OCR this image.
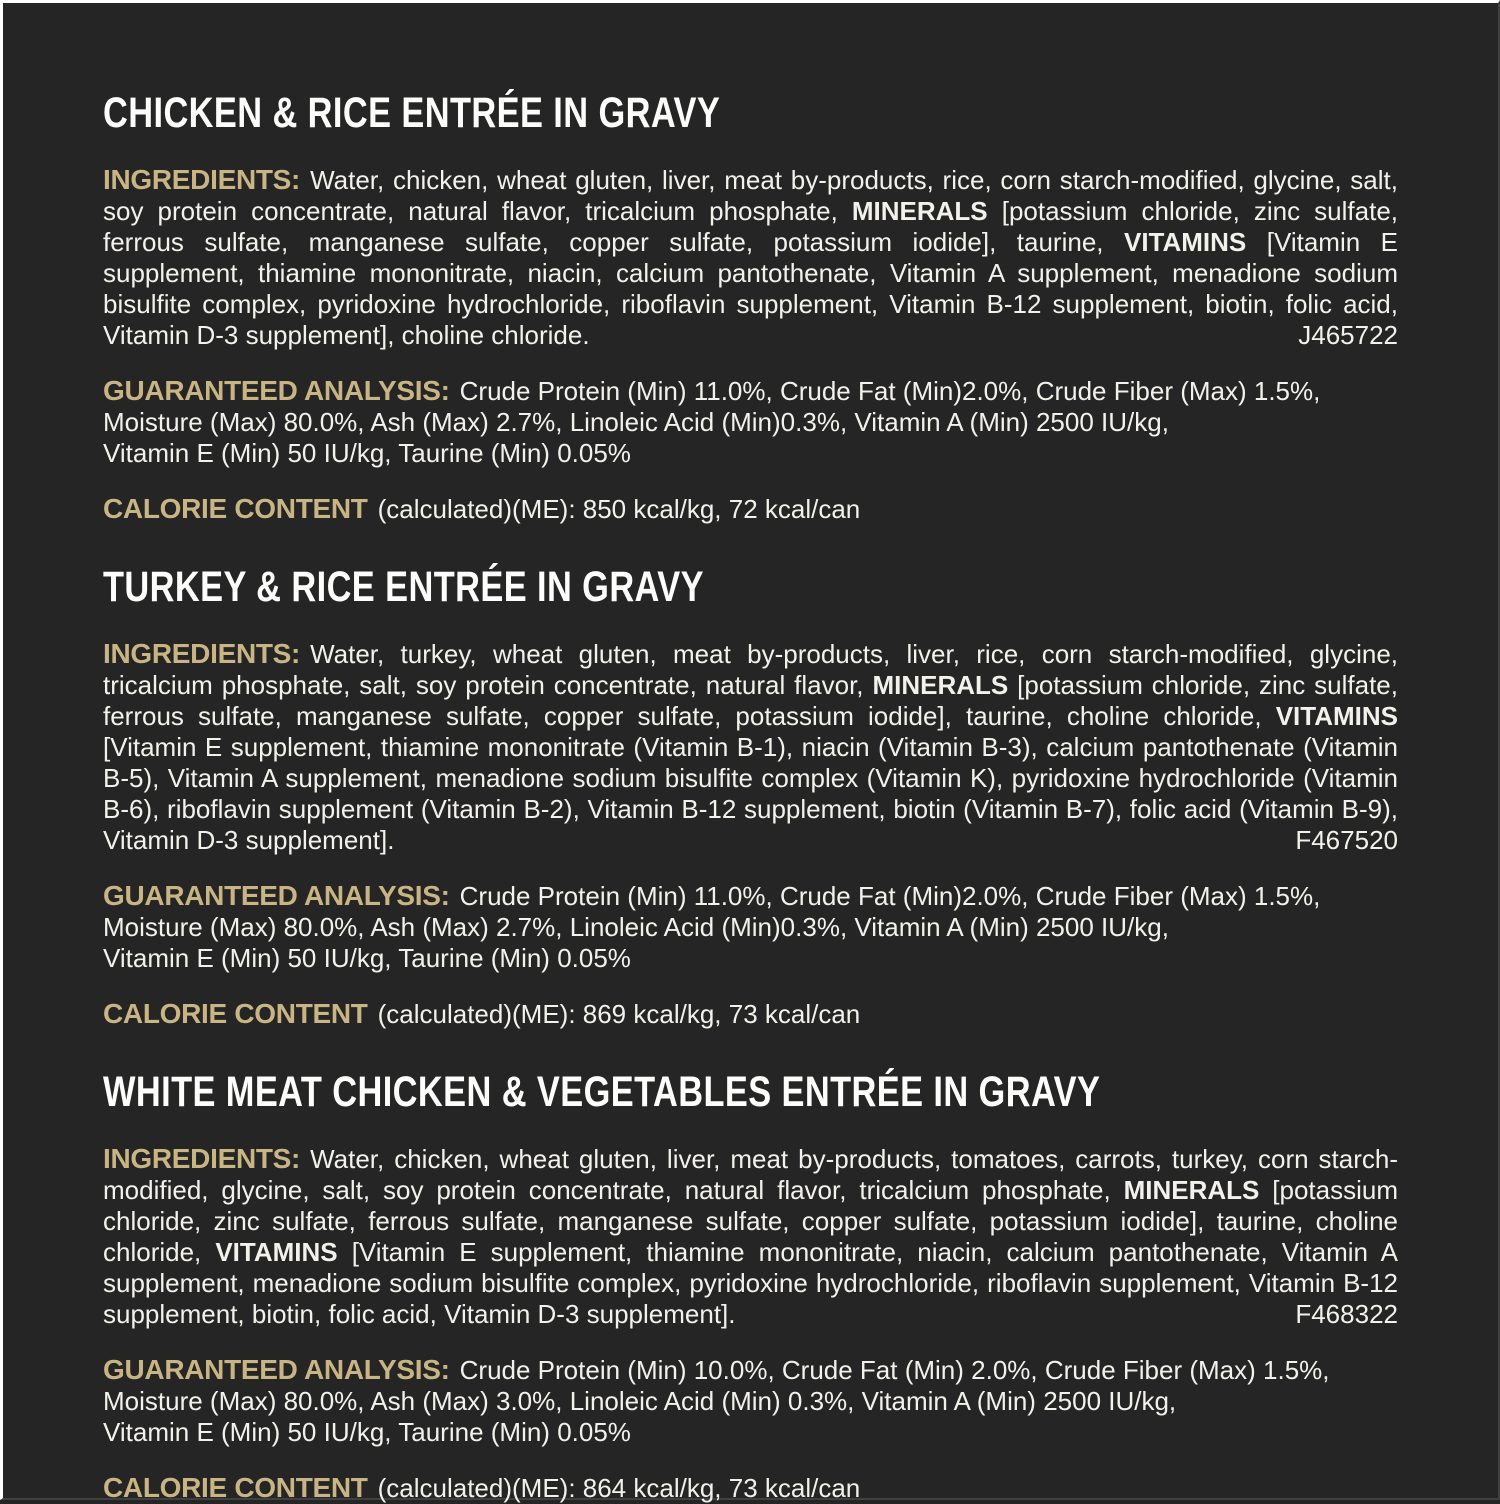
CHICKEN & RICE ENTRÉE IN GRAVY

INGREDIENTS: Water, chicken, wheat gluten, liver, meat by-products, rice, corn starch-modified, glycine, salt, soy protein concentrate, natural flavor, tricalcium phosphate, MINERALS [potassium chloride, zinc sulfate, ferrous sulfate, manganese sulfate, copper sulfate, potassium iodide], taurine, VITAMINS [Vitamin E supplement, thiamine mononitrate, niacin, calcium pantothenate, Vitamin A supplement, menadione sodium bisulfite complex, pyridoxine hydrochloride, riboflavin supplement, Vitamin B-12 supplement, biotin, folic acid, Vitamin D-3 supplement], choline chloride.	J465722

GUARANTEED ANALYSIS: Crude Protein (Min) 11.0%, Crude Fat (Min)2.0%, Crude Fiber (Max) 1.5%,
Moisture (Max) 80.0%, Ash (Max) 2.7%, Linoleic Acid (Min)0.3%, Vitamin A (Min) 2500 IU/kg,
Vitamin E (Min) 50 IU/kg, Taurine (Min) 0.05%

CALORIE CONTENT (calculated)(ME): 850 kcal/kg, 72 kcal/can

TURKEY & RICE ENTRÉE IN GRAVY

INGREDIENTS: Water, turkey, wheat gluten, meat by-products, liver, rice, corn starch-modified, glycine, tricalcium phosphate, salt, soy protein concentrate, natural flavor, MINERALS [potassium chloride, zinc sulfate, ferrous sulfate, manganese sulfate, copper sulfate, potassium iodide], taurine, choline chloride, VITAMINS [Vitamin E supplement, thiamine mononitrate (Vitamin B-1), niacin (Vitamin B-3), calcium pantothenate (Vitamin B-5), Vitamin A supplement, menadione sodium bisulfite complex (Vitamin K), pyridoxine hydrochloride (Vitamin B-6), riboflavin supplement (Vitamin B-2), Vitamin B-12 supplement, biotin (Vitamin B-7), folic acid (Vitamin B-9), Vitamin D-3 supplement].	F467520

GUARANTEED ANALYSIS: Crude Protein (Min) 11.0%, Crude Fat (Min)2.0%, Crude Fiber (Max) 1.5%,
Moisture (Max) 80.0%, Ash (Max) 2.7%, Linoleic Acid (Min)0.3%, Vitamin A (Min) 2500 IU/kg,
Vitamin E (Min) 50 IU/kg, Taurine (Min) 0.05%

CALORIE CONTENT (calculated)(ME): 869 kcal/kg, 73 kcal/can

WHITE MEAT CHICKEN & VEGETABLES ENTRÉE IN GRAVY

INGREDIENTS: Water, chicken, wheat gluten, liver, meat by-products, tomatoes, carrots, turkey, corn starch-modified, glycine, salt, soy protein concentrate, natural flavor, tricalcium phosphate, MINERALS [potassium chloride, zinc sulfate, ferrous sulfate, manganese sulfate, copper sulfate, potassium iodide], taurine, choline chloride, VITAMINS [Vitamin E supplement, thiamine mononitrate, niacin, calcium pantothenate, Vitamin A supplement, menadione sodium bisulfite complex, pyridoxine hydrochloride, riboflavin supplement, Vitamin B-12 supplement, biotin, folic acid, Vitamin D-3 supplement].	F468322

GUARANTEED ANALYSIS: Crude Protein (Min) 10.0%, Crude Fat (Min) 2.0%, Crude Fiber (Max) 1.5%,
Moisture (Max) 80.0%, Ash (Max) 3.0%, Linoleic Acid (Min) 0.3%, Vitamin A (Min) 2500 IU/kg,
Vitamin E (Min) 50 IU/kg, Taurine (Min) 0.05%

CALORIE CONTENT (calculated)(ME): 864 kcal/kg, 73 kcal/can
